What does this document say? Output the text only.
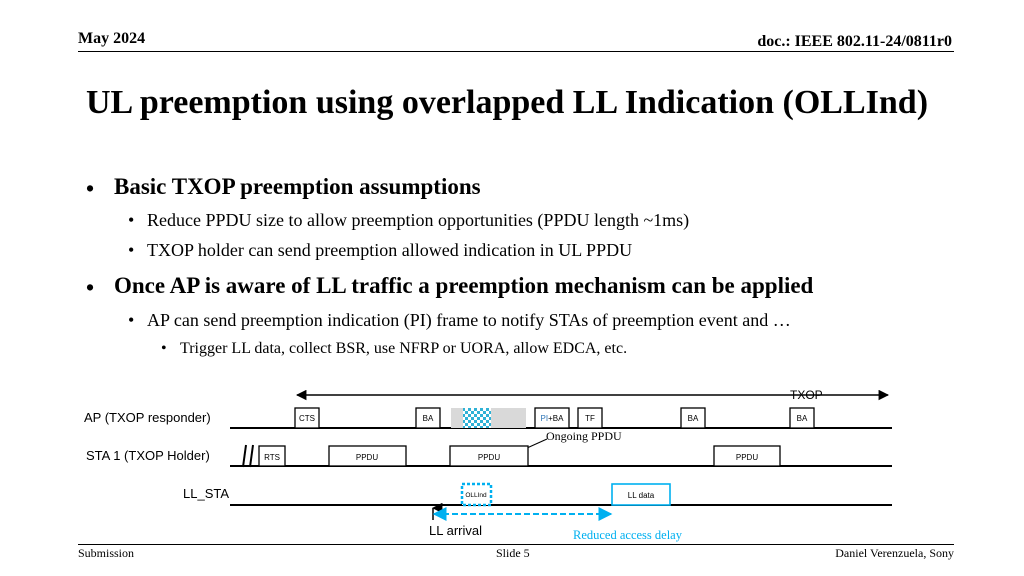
May 2024	doc.: IEEE 802.11-24/0811r0
UL preemption using overlapped LL Indication (OLLInd)
• Basic TXOP preemption assumptions
• Reduce PPDU size to allow preemption opportunities (PPDU length ~1ms)
• TXOP holder can send preemption allowed indication in UL PPDU
• Once AP is aware of LL traffic a preemption mechanism can be applied
• AP can send preemption indication (PI) frame to notify STAs of preemption event and …
• Trigger LL data, collect BSR, use NFRP or UORA, allow EDCA, etc.
TXOP
AP (TXOP responder)
STA 1 (TXOP Holder)
LL_STA
CTS	BA	PI+BA	TF	BA	BA
Ongoing PPDU
RTS	PPDU	PPDU	PPDU
OLLInd	LL data
LL arrival	Reduced access delay
Submission	Slide 5	Daniel Verenzuela, Sony
